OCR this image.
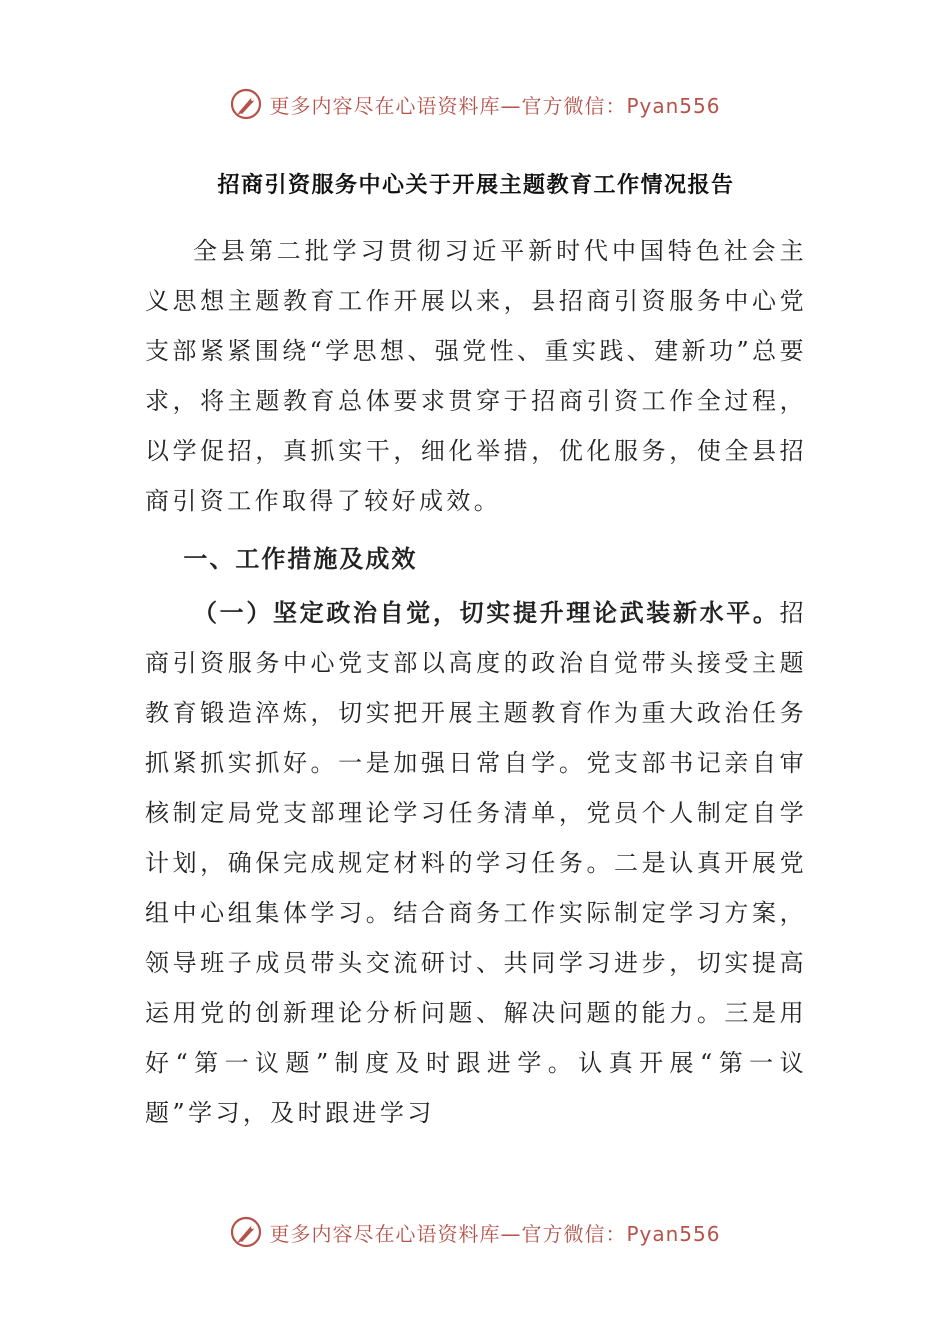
更多内容尽在心语资料库—官方微信：Pyan556
招商引资服务中心关于开展主题教育工作情况报告

全县第二批学习贯彻习近平新时代中国特色社会主义思想主题教育工作开展以来，县招商引资服务中心党支部紧紧围绕“学思想、强党性、重实践、建新功”总要求，将主题教育总体要求贯穿于招商引资工作全过程，以学促招，真抓实干，细化举措，优化服务，使全县招商引资工作取得了较好成效。

一、工作措施及成效

（一）坚定政治自觉，切实提升理论武装新水平。招商引资服务中心党支部以高度的政治自觉带头接受主题教育锻造淬炼，切实把开展主题教育作为重大政治任务抓紧抓实抓好。一是加强日常自学。党支部书记亲自审核制定局党支部理论学习任务清单，党员个人制定自学计划，确保完成规定材料的学习任务。二是认真开展党组中心组集体学习。结合商务工作实际制定学习方案，领导班子成员带头交流研讨、共同学习进步，切实提高运用党的创新理论分析问题、解决问题的能力。三是用好“第一议题”制度及时跟进学。认真开展“第一议题”学习，及时跟进学习

更多内容尽在心语资料库—官方微信：Pyan556
